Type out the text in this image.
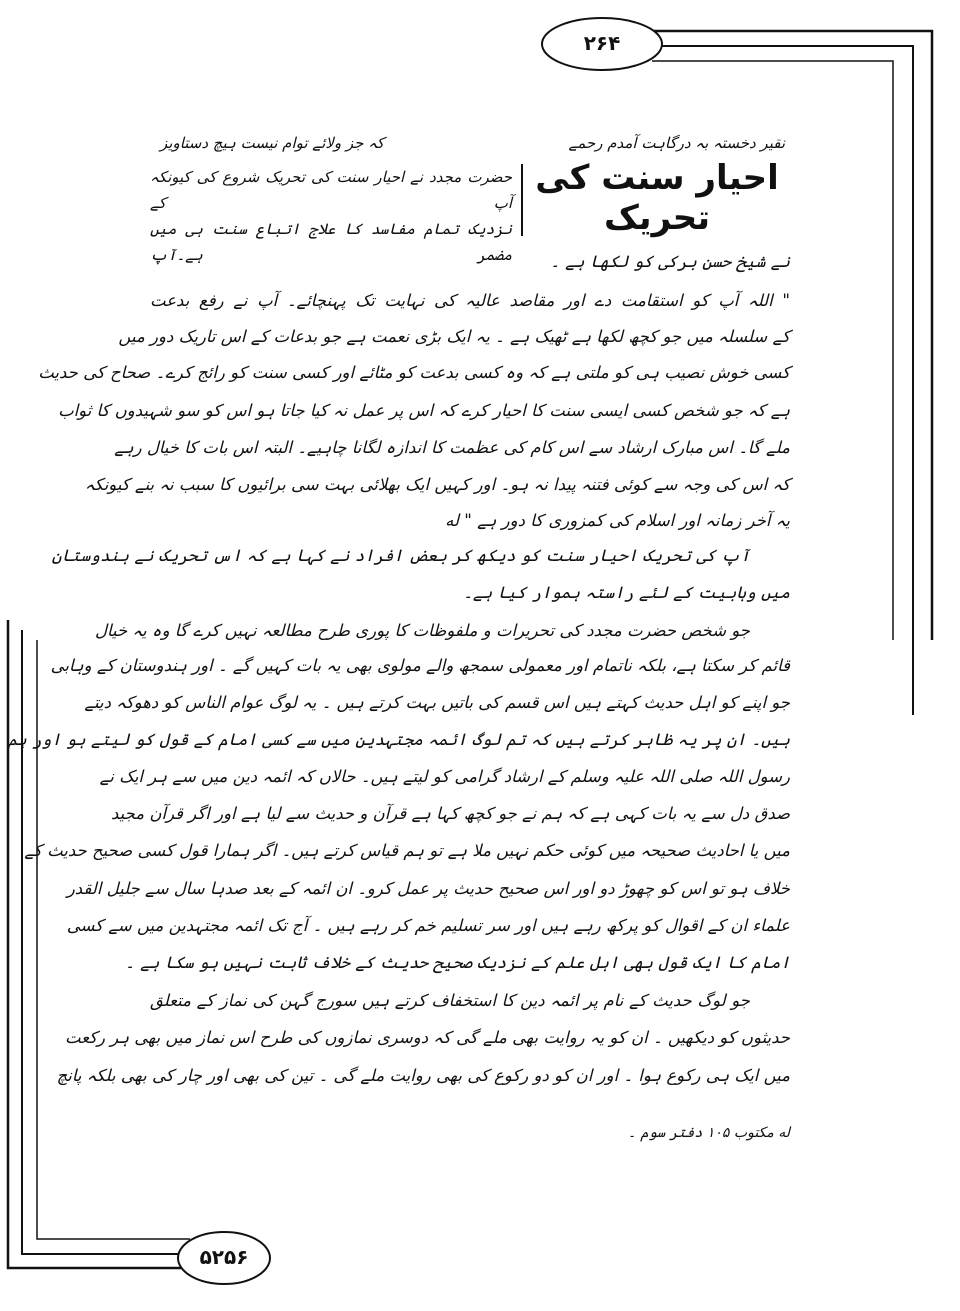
۲۶۴
۵۲۵۶
نقیر دخستہ بہ درگاہت آمدم رحمے
کہ جز ولائے توام نیست ہیچ دستاویز
احیار سنت کی تحریک
حضرت مجدد نے احیار سنت کی تحریک شروع کی کیونکہ آپ کے
نزدیک تمام مفاسد کا علاج اتباع سنت ہی میں مضمر ہے۔آپ	نے شیخ حسن برکی کو لکھا ہے ۔
" اللہ آپ کو استقامت دے اور مقاصد عالیہ کی نہایت تک پہنچائے۔ آپ نے رفع بدعت
کے سلسلہ میں جو کچھ لکھا ہے ٹھیک ہے ۔ یہ ایک بڑی نعمت ہے جو بدعات کے اس تاریک دور میں
کسی خوش نصیب ہی کو ملتی ہے کہ وہ کسی بدعت کو مٹائے اور کسی سنت کو رائج کرے۔ صحاح کی حدیث
ہے کہ جو شخص کسی ایسی سنت کا احیار کرے کہ اس پر عمل نہ کیا جاتا ہو اس کو سو شہیدوں کا ثواب
ملے گا۔ اس مبارک ارشاد سے اس کام کی عظمت کا اندازہ لگانا چاہیے۔ البتہ اس بات کا خیال رہے
کہ اس کی وجہ سے کوئی فتنہ پیدا نہ ہو۔ اور کہیں ایک بھلائی بہت سی برائیوں کا سبب نہ بنے کیونکہ
یہ آخر زمانہ اور اسلام کی کمزوری کا دور ہے " له
آپ کی تحریک احیار سنت کو دیکھ کر بعض افراد نے کہا ہے کہ اس تحریک نے ہندوستان
میں وہابیت کے لئے راستہ ہموار کیا ہے۔
جو شخص حضرت مجدد کی تحریرات و ملفوظات کا پوری طرح مطالعہ نہیں کرے گا وہ یہ خیال
قائم کر سکتا ہے، بلکہ ناتمام اور معمولی سمجھ والے مولوی بھی یہ بات کہیں گے ۔ اور ہندوستان کے وہابی
جو اپنے کو اہل حدیث کہتے ہیں اس قسم کی باتیں بہت کرتے ہیں ۔ یہ لوگ عوام الناس کو دھوکہ دیتے
ہیں۔ ان پر یہ ظاہر کرتے ہیں کہ تم لوگ ائمہ مجتہدین میں سے کسی امام کے قول کو لیتے ہو اور ہم
رسول اللہ صلی اللہ علیہ وسلم کے ارشاد گرامی کو لیتے ہیں۔ حالاں کہ ائمہ دین میں سے ہر ایک نے
صدق دل سے یہ بات کہی ہے کہ ہم نے جو کچھ کہا ہے قرآن و حدیث سے لیا ہے اور اگر قرآن مجید
میں یا احادیث صحیحہ میں کوئی حکم نہیں ملا ہے تو ہم قیاس کرتے ہیں۔ اگر ہمارا قول کسی صحیح حدیث کے
خلاف ہو تو اس کو چھوڑ دو اور اس صحیح حدیث پر عمل کرو۔ ان ائمہ کے بعد صدہا سال سے جلیل القدر
علماء ان کے اقوال کو پرکھ رہے ہیں اور سر تسلیم خم کر رہے ہیں ۔ آج تک ائمہ مجتہدین میں سے کسی
امام کا ایک قول بھی اہل علم کے نزدیک صحیح حدیث کے خلاف ثابت نہیں ہو سکا ہے ۔
جو لوگ حدیث کے نام پر ائمہ دین کا استخفاف کرتے ہیں سورج گہن کی نماز کے متعلق
حدیثوں کو دیکھیں ۔ ان کو یہ روایت بھی ملے گی کہ دوسری نمازوں کی طرح اس نماز میں بھی ہر رکعت
میں ایک ہی رکوع ہوا ۔ اور ان کو دو رکوع کی بھی روایت ملے گی ۔ تین کی بھی اور چار کی بھی بلکہ پانچ
له مکتوب ۱۰۵ دفتر سوم ۔
